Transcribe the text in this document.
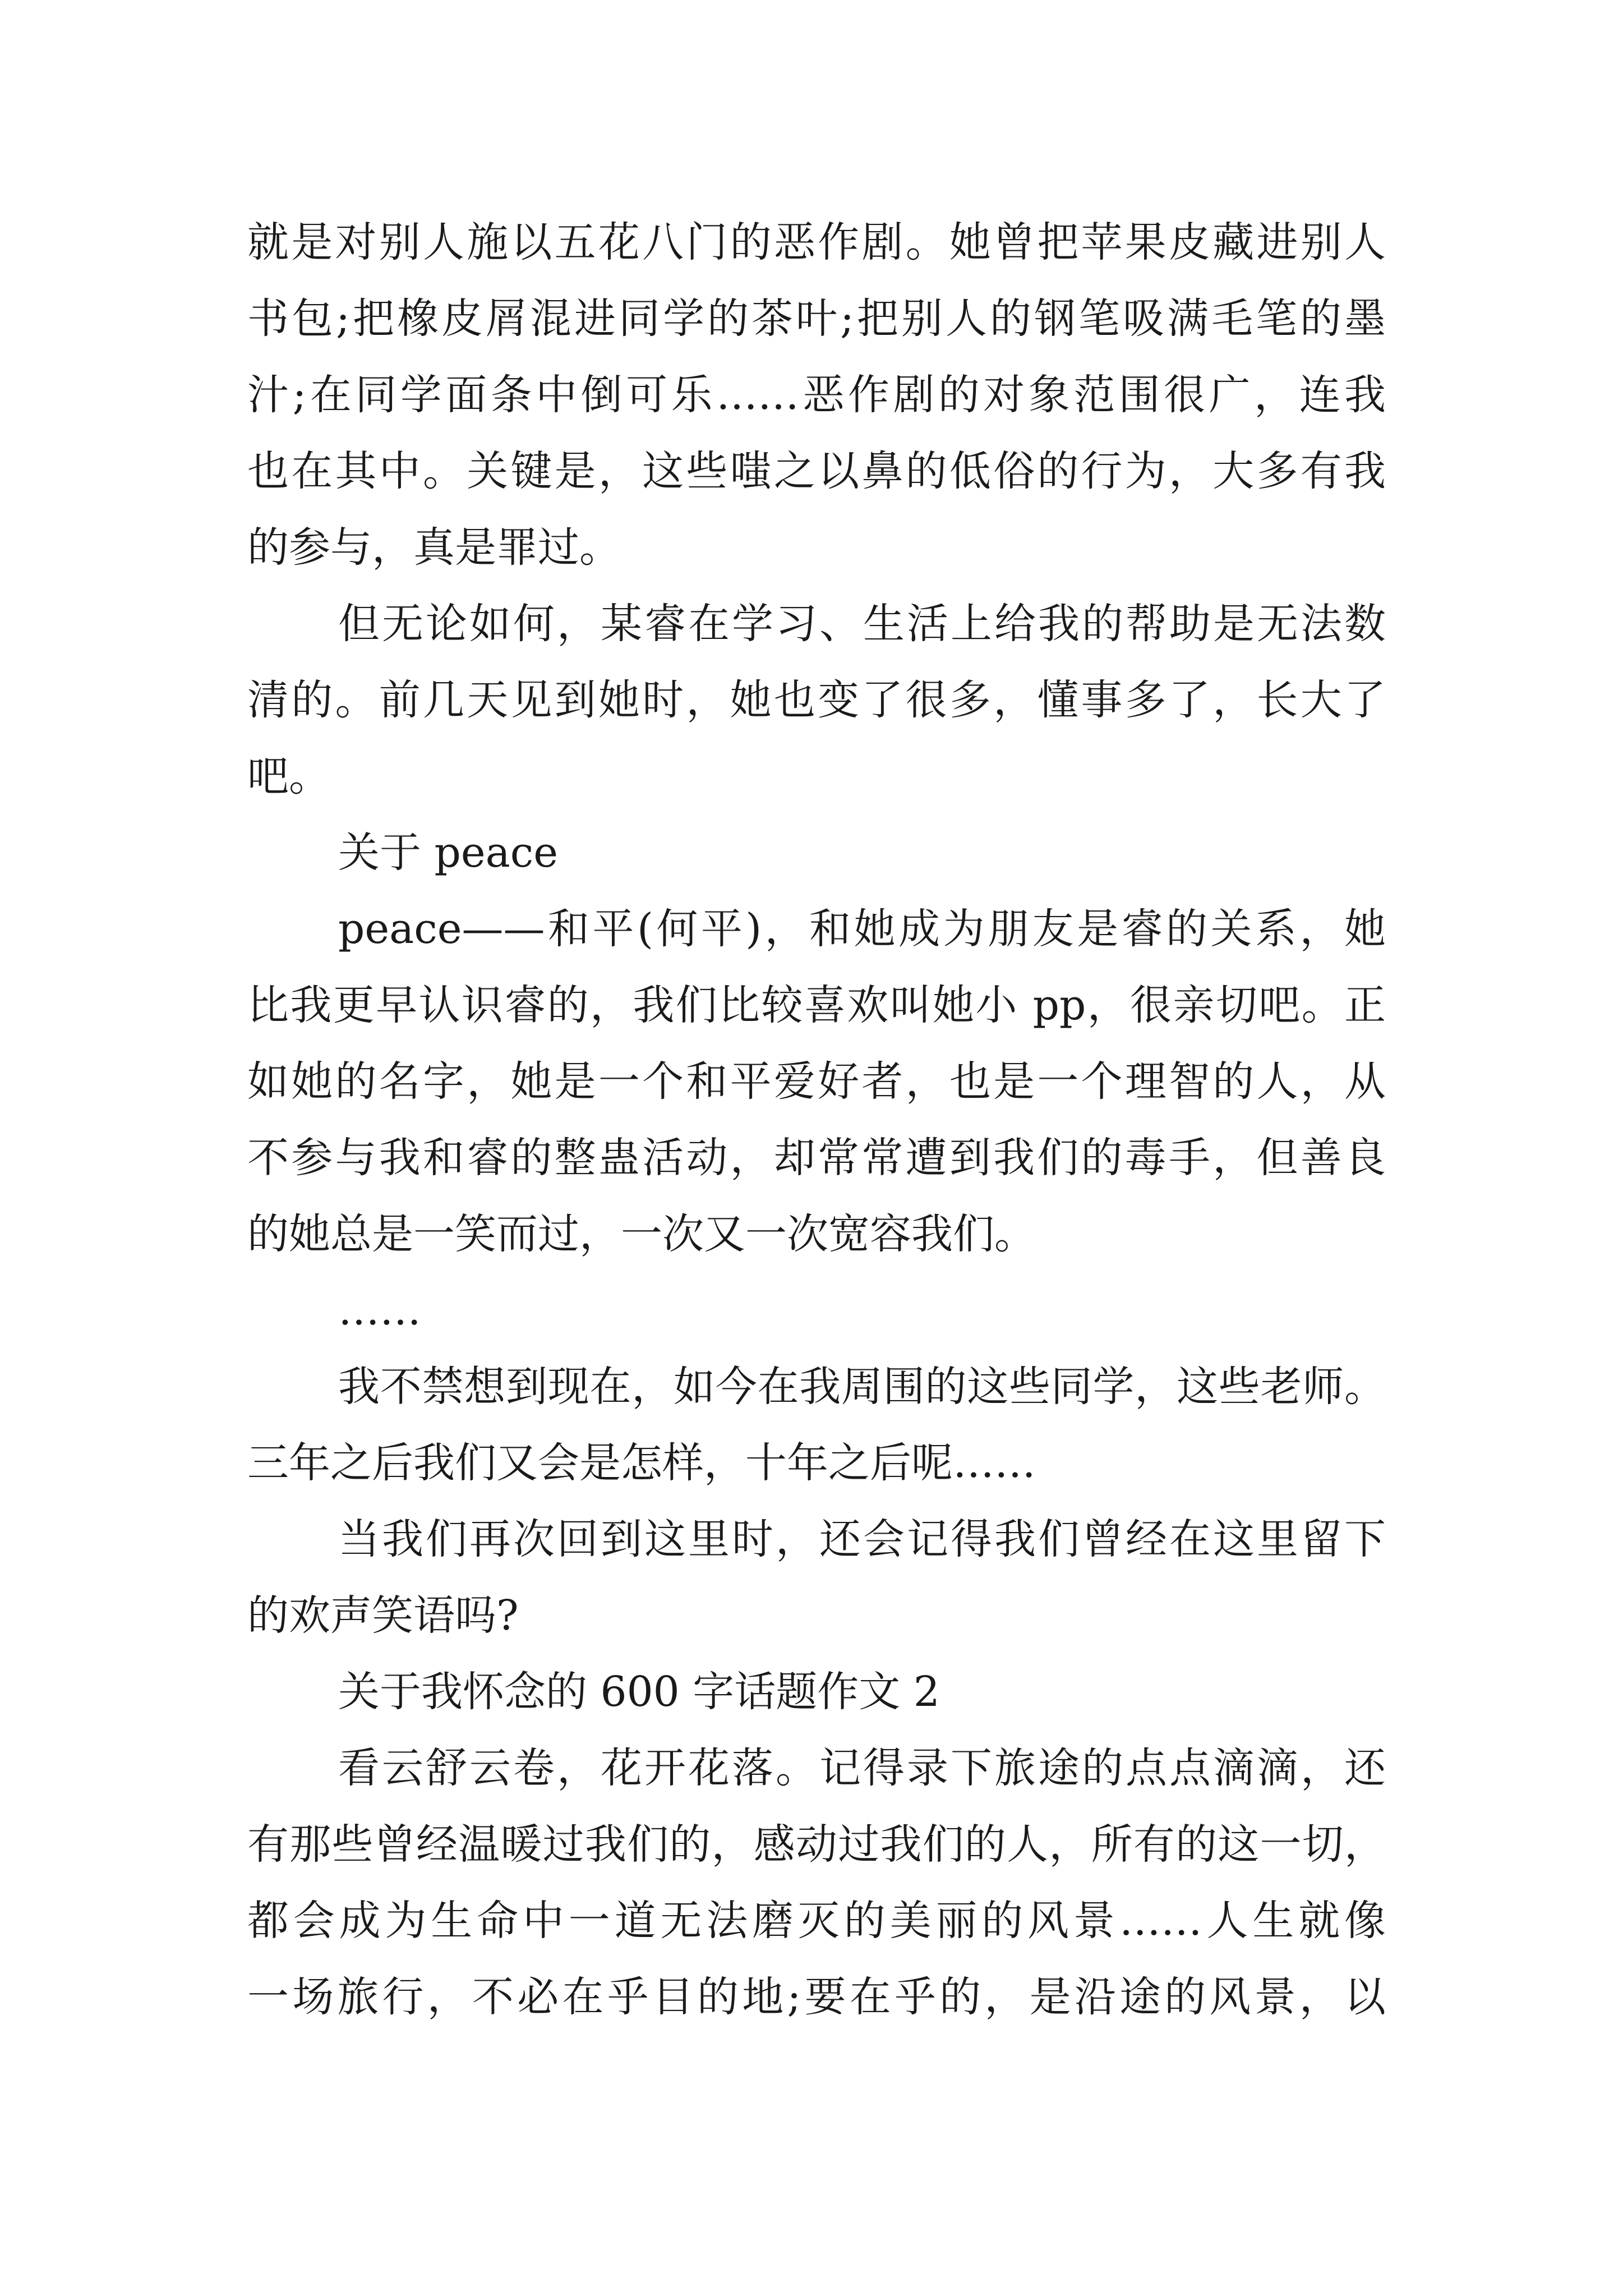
就是对别人施以五花八门的恶作剧。她曾把苹果皮藏进别人
书包;把橡皮屑混进同学的茶叶;把别人的钢笔吸满毛笔的墨
汁;在同学面条中倒可乐……恶作剧的对象范围很广，连我
也在其中。关键是，这些嗤之以鼻的低俗的行为，大多有我
的参与，真是罪过。
但无论如何，某睿在学习、生活上给我的帮助是无法数
清的。前几天见到她时，她也变了很多，懂事多了，长大了
吧。
关于 peace
peace——和平(何平)，和她成为朋友是睿的关系，她
比我更早认识睿的，我们比较喜欢叫她小 pp，很亲切吧。正
如她的名字，她是一个和平爱好者，也是一个理智的人，从
不参与我和睿的整蛊活动，却常常遭到我们的毒手，但善良
的她总是一笑而过，一次又一次宽容我们。
……
我不禁想到现在，如今在我周围的这些同学，这些老师。
三年之后我们又会是怎样，十年之后呢……
当我们再次回到这里时，还会记得我们曾经在这里留下
的欢声笑语吗?
关于我怀念的 600 字话题作文 2
看云舒云卷，花开花落。记得录下旅途的点点滴滴，还
有那些曾经温暖过我们的，感动过我们的人，所有的这一切，
都会成为生命中一道无法磨灭的美丽的风景……人生就像
一场旅行，不必在乎目的地;要在乎的，是沿途的风景，以
